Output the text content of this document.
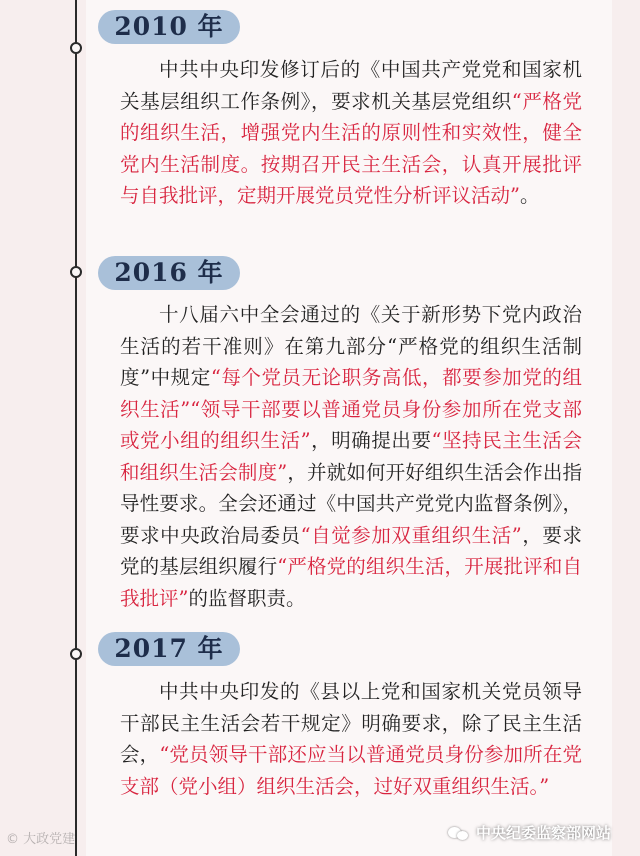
2010 年

中共中央印发修订后的《中国共产党党和国家机关基层组织工作条例》，要求机关基层党组织“严格党的组织生活，增强党内生活的原则性和实效性，健全党内生活制度。按期召开民主生活会，认真开展批评与自我批评，定期开展党员党性分析评议活动”。

2016 年

十八届六中全会通过的《关于新形势下党内政治生活的若干准则》在第九部分“严格党的组织生活制度”中规定“每个党员无论职务高低，都要参加党的组织生活”“领导干部要以普通党员身份参加所在党支部或党小组的组织生活”，明确提出要“坚持民主生活会和组织生活会制度”，并就如何开好组织生活会作出指导性要求。全会还通过《中国共产党党内监督条例》，要求中央政治局委员“自觉参加双重组织生活”，要求党的基层组织履行“严格党的组织生活，开展批评和自我批评”的监督职责。

2017 年

中共中央印发的《县以上党和国家机关党员领导干部民主生活会若干规定》明确要求，除了民主生活会，“党员领导干部还应当以普通党员身份参加所在党支部（党小组）组织生活会，过好双重组织生活。”

© 大政党建	中央纪委监察部网站
